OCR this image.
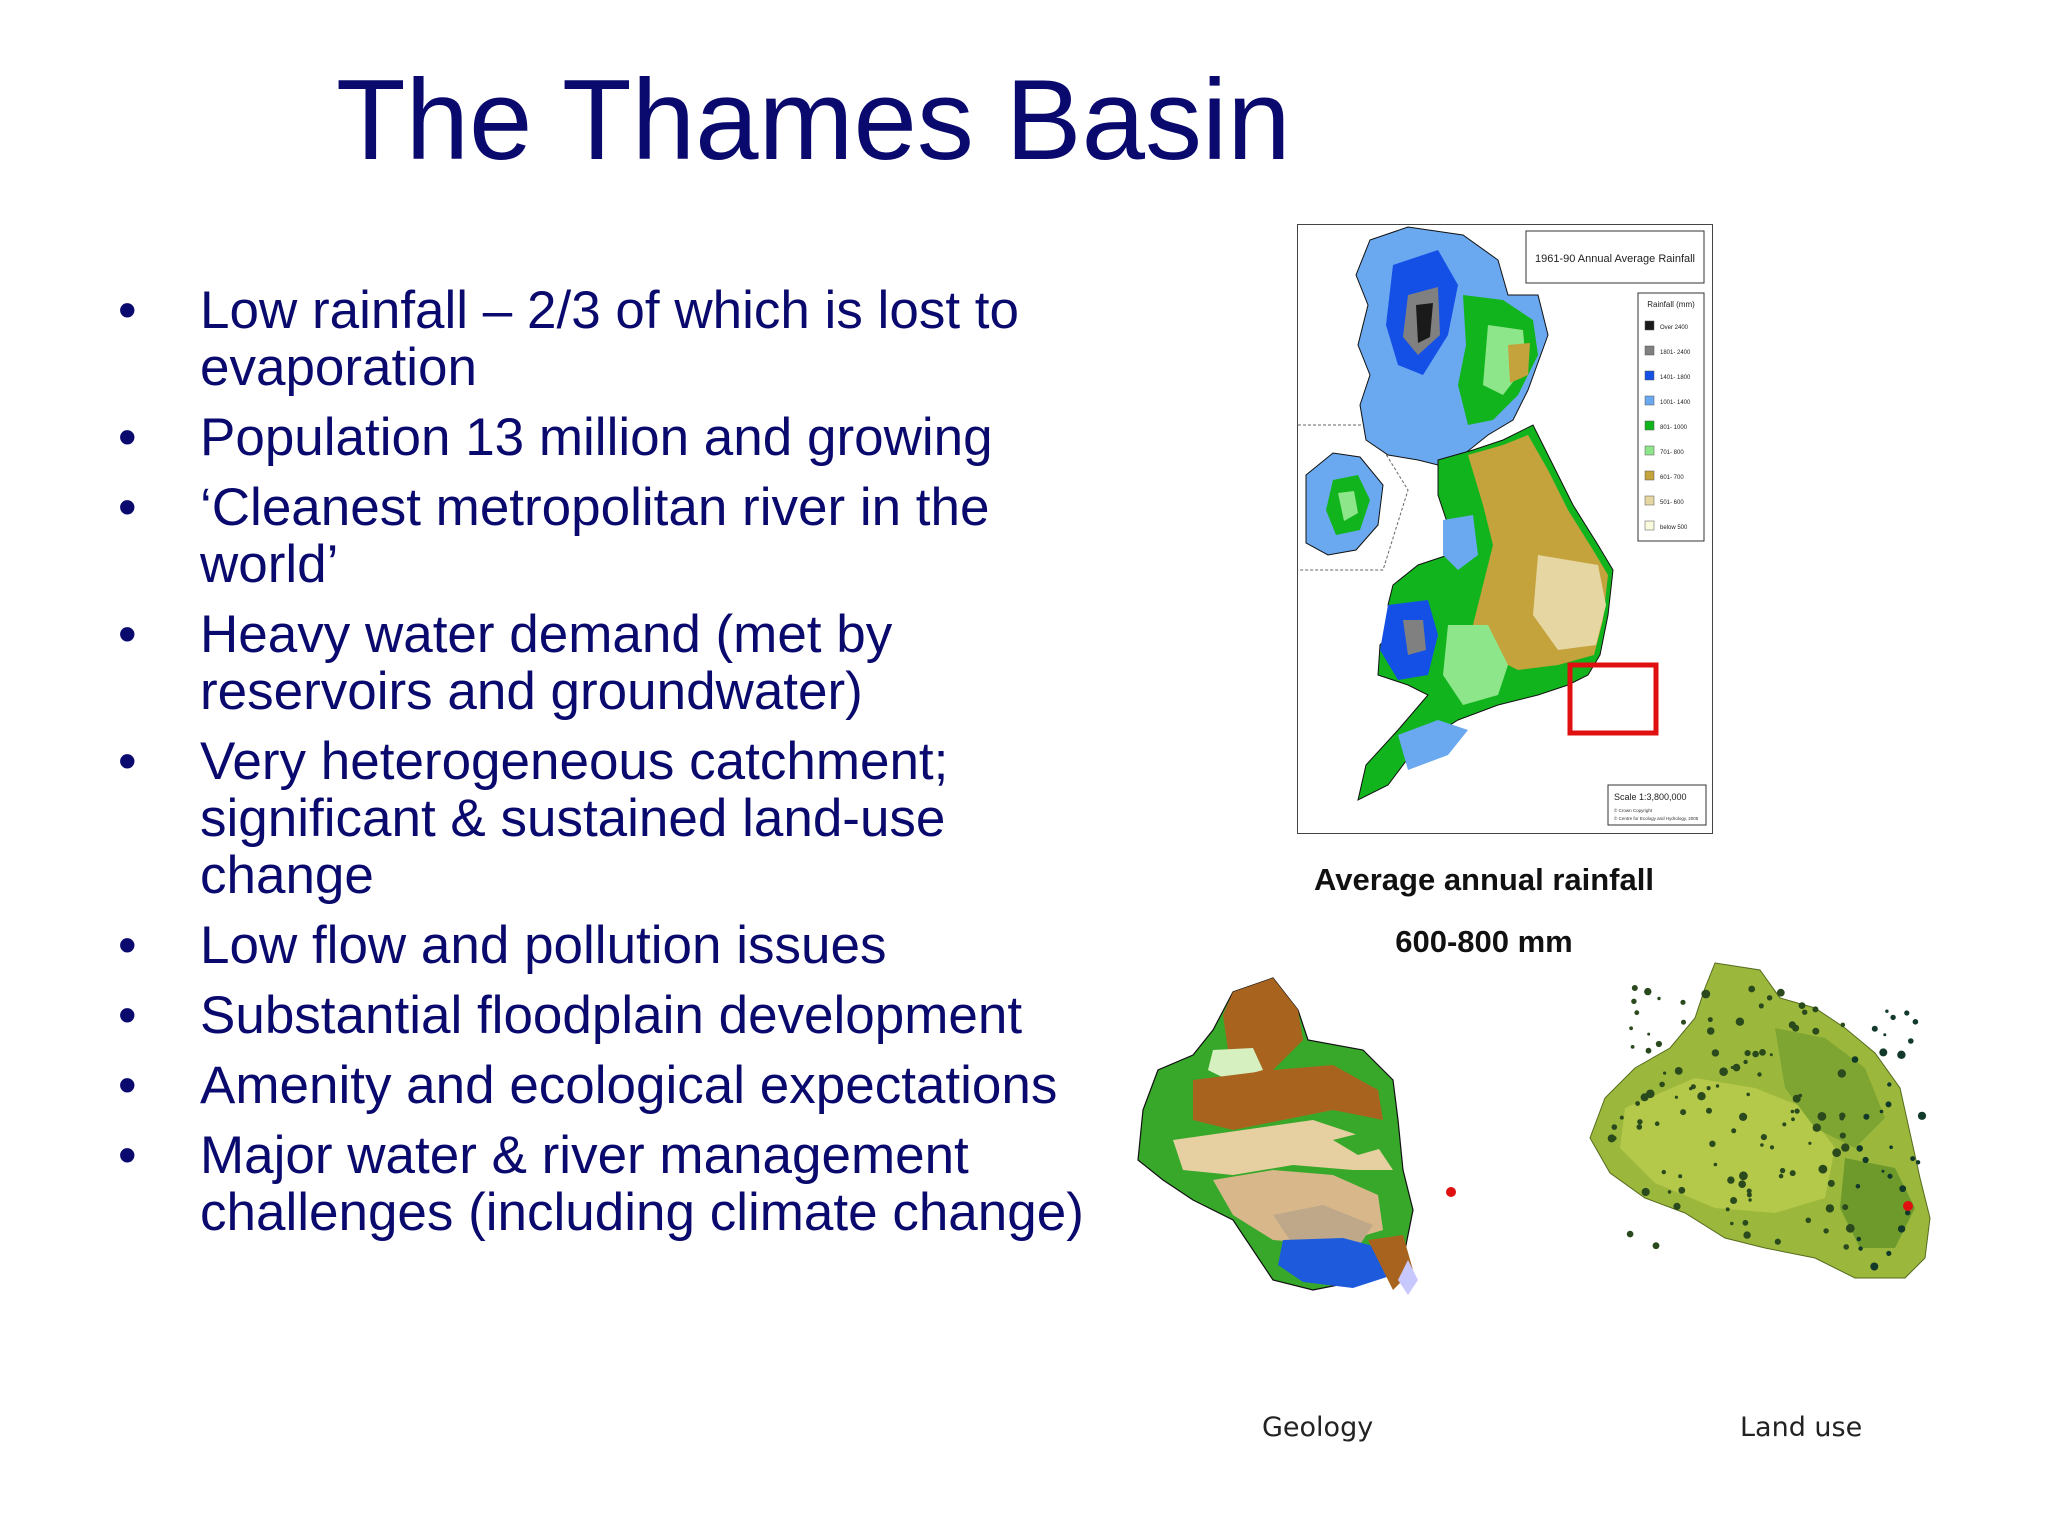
The Thames Basin
• Low rainfall – 2/3 of which is lost to evaporation
• Population 13 million and growing
• ‘Cleanest metropolitan river in the world’
• Heavy water demand (met by reservoirs and groundwater)
• Very heterogeneous catchment; significant & sustained land-use change
• Low flow and pollution issues
• Substantial floodplain development
• Amenity and ecological expectations
• Major water & river management challenges (including climate change)
1961-90 Annual Average Rainfall
Rainfall (mm)
Over 2400
1801- 2400
1401- 1800
1001- 1400
801- 1000
701- 800
601- 700
501- 600
below 500
Scale 1:3,800,000
© Crown Copyright
© Centre for Ecology and Hydrology, 2005
Average annual rainfall
600-800 mm
Geology	Land use
